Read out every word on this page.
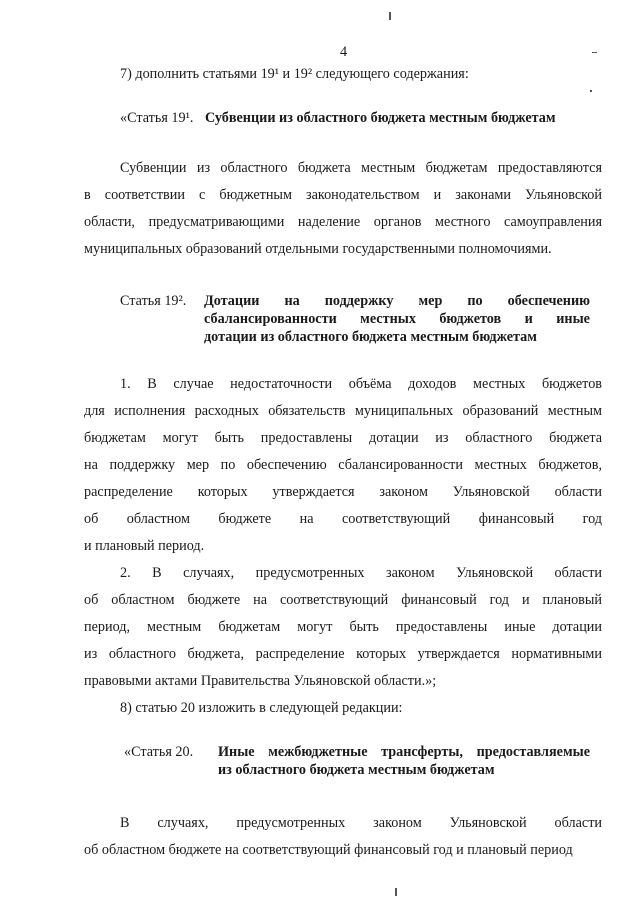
4
7) дополнить статьями 19¹ и 19² следующего содержания:
«Статья 19¹. Субвенции из областного бюджета местным бюджетам
Субвенции из областного бюджета местным бюджетам предоставляются
в соответствии с бюджетным законодательством и законами Ульяновской
области, предусматривающими наделение органов местного самоуправления
муниципальных образований отдельными государственными полномочиями.
Статья 19². Дотации на поддержку мер по обеспечению
сбалансированности местных бюджетов и иные
дотации из областного бюджета местным бюджетам
1. В случае недостаточности объёма доходов местных бюджетов
для исполнения расходных обязательств муниципальных образований местным
бюджетам могут быть предоставлены дотации из областного бюджета
на поддержку мер по обеспечению сбалансированности местных бюджетов,
распределение которых утверждается законом Ульяновской области
об областном бюджете на соответствующий финансовый год
и плановый период.
2. В случаях, предусмотренных законом Ульяновской области
об областном бюджете на соответствующий финансовый год и плановый
период, местным бюджетам могут быть предоставлены иные дотации
из областного бюджета, распределение которых утверждается нормативными
правовыми актами Правительства Ульяновской области.»;
8) статью 20 изложить в следующей редакции:
«Статья 20. Иные межбюджетные трансферты, предоставляемые
из областного бюджета местным бюджетам
В случаях, предусмотренных законом Ульяновской области
об областном бюджете на соответствующий финансовый год и плановый период
